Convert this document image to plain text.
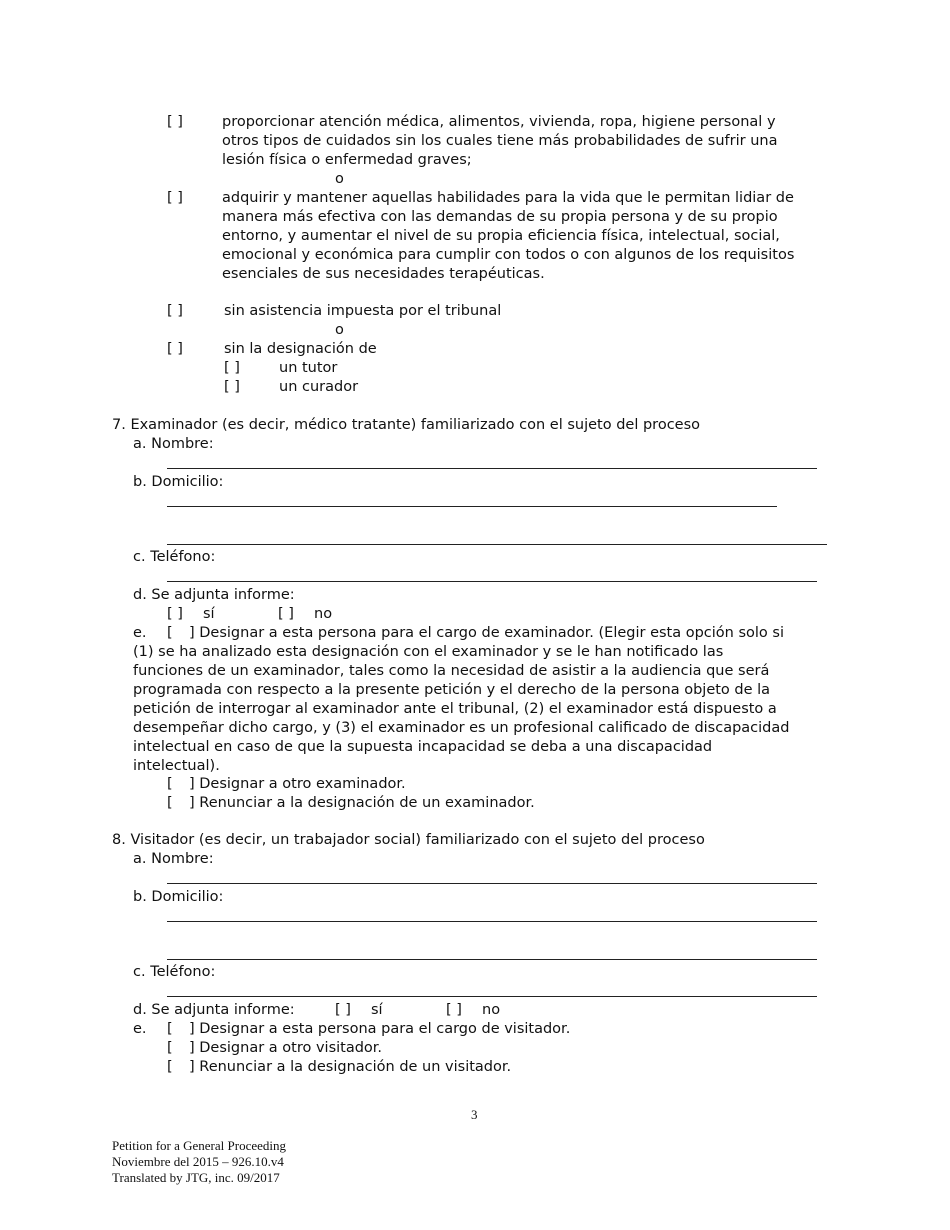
[ ]	proporcionar atención médica, alimentos, vivienda, ropa, higiene personal y
otros tipos de cuidados sin los cuales tiene más probabilidades de sufrir una
lesión física o enfermedad graves;
o
[ ]	adquirir y mantener aquellas habilidades para la vida que le permitan lidiar de
manera más efectiva con las demandas de su propia persona y de su propio
entorno, y aumentar el nivel de su propia eficiencia física, intelectual, social,
emocional y económica para cumplir con todos o con algunos de los requisitos
esenciales de sus necesidades terapéuticas.
[ ]	sin asistencia impuesta por el tribunal
o
[ ]	sin la designación de
[ ]	un tutor
[ ]	un curador
7. Examinador (es decir, médico tratante) familiarizado con el sujeto del proceso
a. Nombre:
b. Domicilio:
c. Teléfono:
d. Se adjunta informe:
[ ] sí	[ ] no
e. [	] Designar a esta persona para el cargo de examinador. (Elegir esta opción solo si
(1) se ha analizado esta designación con el examinador y se le han notificado las
funciones de un examinador, tales como la necesidad de asistir a la audiencia que será
programada con respecto a la presente petición y el derecho de la persona objeto de la
petición de interrogar al examinador ante el tribunal, (2) el examinador está dispuesto a
desempeñar dicho cargo, y (3) el examinador es un profesional calificado de discapacidad
intelectual en caso de que la supuesta incapacidad se deba a una discapacidad
intelectual).
[	] Designar a otro examinador.
[	] Renunciar a la designación de un examinador.
8. Visitador (es decir, un trabajador social) familiarizado con el sujeto del proceso
a. Nombre:
b. Domicilio:
c. Teléfono:
d. Se adjunta informe:	[ ] sí	[ ] no
e. [	] Designar a esta persona para el cargo de visitador.
[	] Designar a otro visitador.
[	] Renunciar a la designación de un visitador.
3
Petition for a General Proceeding
Noviembre del 2015 – 926.10.v4
Translated by JTG, inc. 09/2017
